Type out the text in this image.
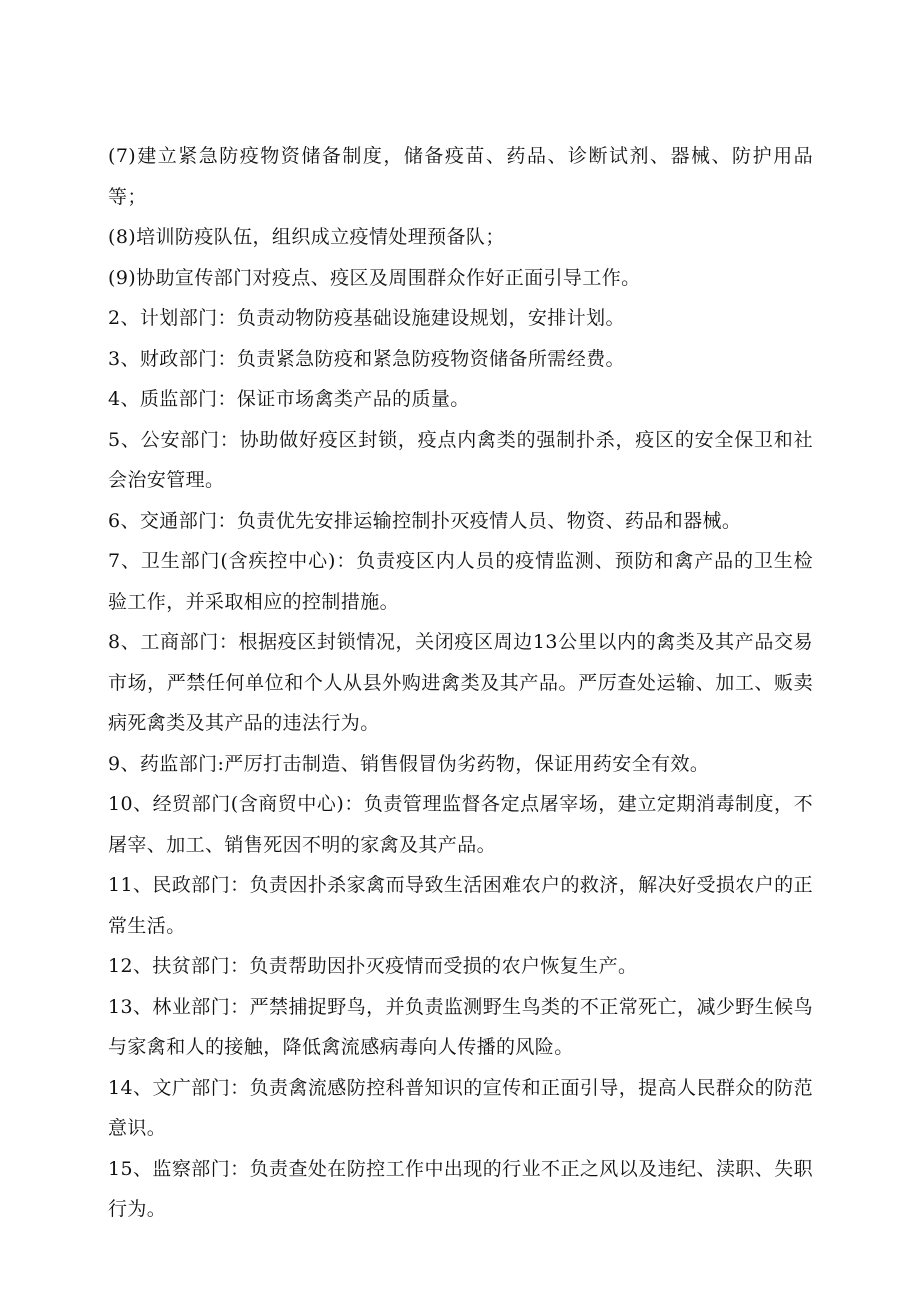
(7)建立紧急防疫物资储备制度，储备疫苗、药品、诊断试剂、器械、防护用品等；

(8)培训防疫队伍，组织成立疫情处理预备队；

(9)协助宣传部门对疫点、疫区及周围群众作好正面引导工作。

2、计划部门：负责动物防疫基础设施建设规划，安排计划。

3、财政部门：负责紧急防疫和紧急防疫物资储备所需经费。

4、质监部门：保证市场禽类产品的质量。

5、公安部门：协助做好疫区封锁，疫点内禽类的强制扑杀，疫区的安全保卫和社会治安管理。

6、交通部门：负责优先安排运输控制扑灭疫情人员、物资、药品和器械。

7、卫生部门(含疾控中心)：负责疫区内人员的疫情监测、预防和禽产品的卫生检验工作，并采取相应的控制措施。

8、工商部门：根据疫区封锁情况，关闭疫区周边13公里以内的禽类及其产品交易市场，严禁任何单位和个人从县外购进禽类及其产品。严厉查处运输、加工、贩卖病死禽类及其产品的违法行为。

9、药监部门:严厉打击制造、销售假冒伪劣药物，保证用药安全有效。

10、经贸部门(含商贸中心)：负责管理监督各定点屠宰场，建立定期消毒制度，不屠宰、加工、销售死因不明的家禽及其产品。

11、民政部门：负责因扑杀家禽而导致生活困难农户的救济，解决好受损农户的正常生活。

12、扶贫部门：负责帮助因扑灭疫情而受损的农户恢复生产。

13、林业部门：严禁捕捉野鸟，并负责监测野生鸟类的不正常死亡，减少野生候鸟与家禽和人的接触，降低禽流感病毒向人传播的风险。

14、文广部门：负责禽流感防控科普知识的宣传和正面引导，提高人民群众的防范意识。

15、监察部门：负责查处在防控工作中出现的行业不正之风以及违纪、渎职、失职行为。
